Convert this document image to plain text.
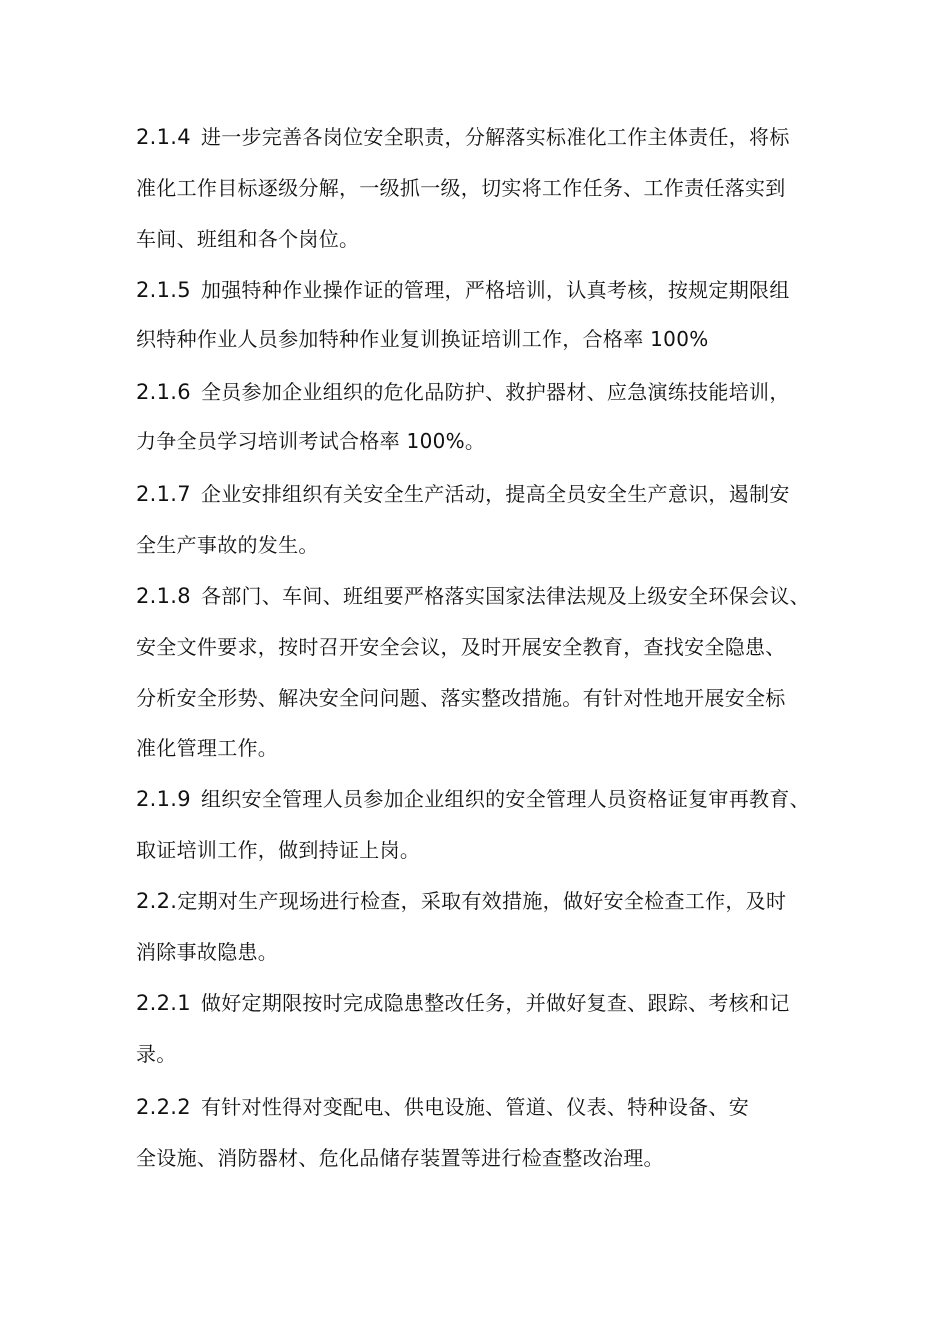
2.1.4 进一步完善各岗位安全职责，分解落实标准化工作主体责任，将标
准化工作目标逐级分解，一级抓一级，切实将工作任务、工作责任落实到
车间、班组和各个岗位。
2.1.5 加强特种作业操作证的管理，严格培训，认真考核，按规定期限组
织特种作业人员参加特种作业复训换证培训工作，合格率 100%
2.1.6 全员参加企业组织的危化品防护、救护器材、应急演练技能培训，
力争全员学习培训考试合格率 100%。
2.1.7 企业安排组织有关安全生产活动，提高全员安全生产意识，遏制安
全生产事故的发生。
2.1.8 各部门、车间、班组要严格落实国家法律法规及上级安全环保会议、
安全文件要求，按时召开安全会议，及时开展安全教育，查找安全隐患、
分析安全形势、解决安全问问题、落实整改措施。有针对性地开展安全标
准化管理工作。
2.1.9 组织安全管理人员参加企业组织的安全管理人员资格证复审再教育、
取证培训工作，做到持证上岗。
2.2.定期对生产现场进行检查，采取有效措施，做好安全检查工作，及时
消除事故隐患。
2.2.1 做好定期限按时完成隐患整改任务，并做好复查、跟踪、考核和记
录。
2.2.2 有针对性得对变配电、供电设施、管道、仪表、特种设备、安
全设施、消防器材、危化品储存装置等进行检查整改治理。
